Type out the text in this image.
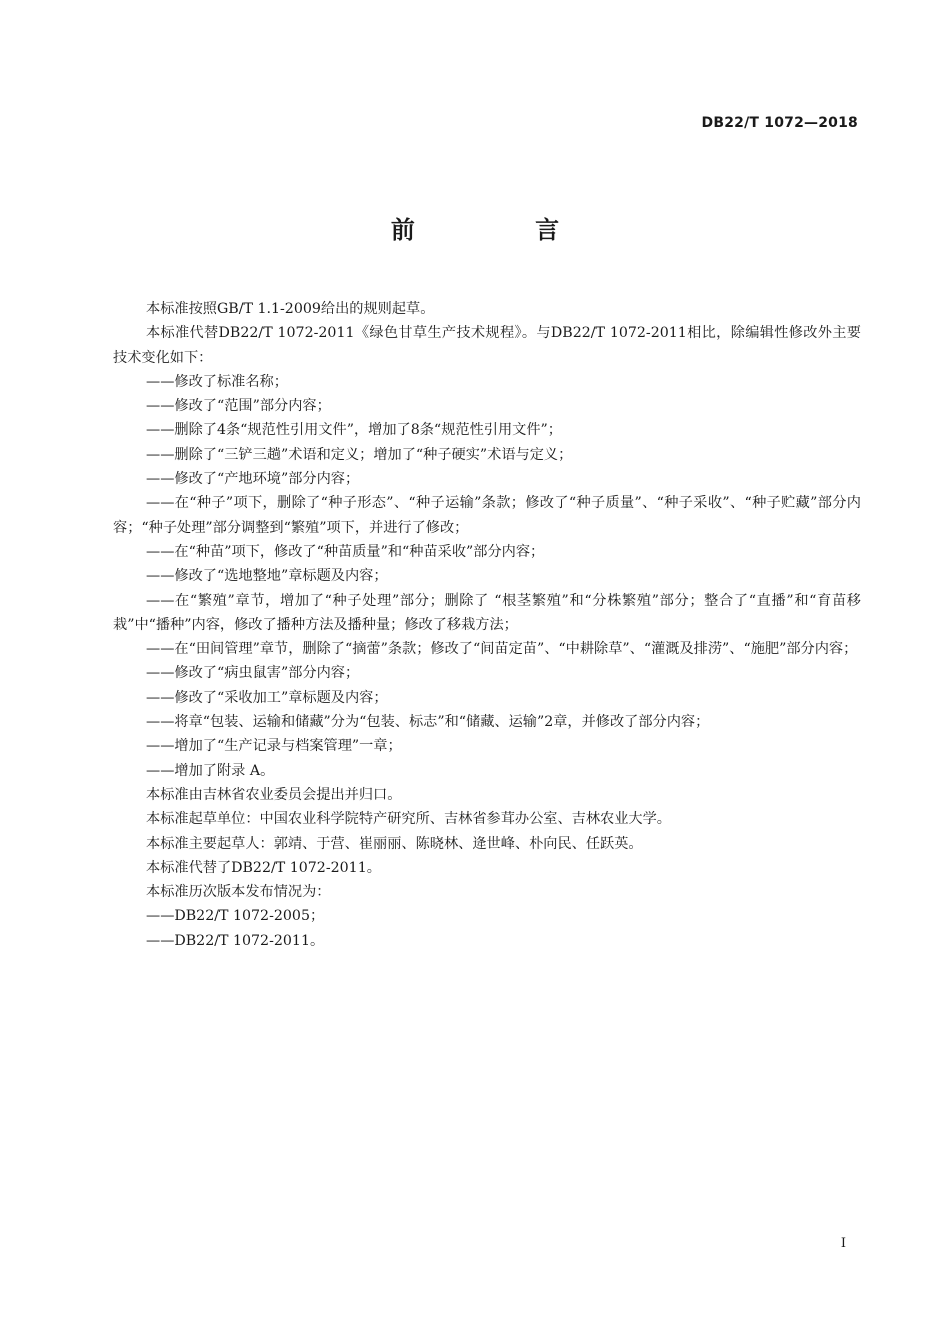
DB22/T 1072—2018
前 言

本标准按照GB/T 1.1-2009给出的规则起草。

本标准代替DB22/T 1072-2011《绿色甘草生产技术规程》。与DB22/T 1072-2011相比，除编辑性修改外主要技术变化如下：

——修改了标准名称；

——修改了“范围”部分内容；

——删除了4条“规范性引用文件”，增加了8条“规范性引用文件”；

——删除了“三铲三趟”术语和定义；增加了“种子硬实”术语与定义；

——修改了“产地环境”部分内容；

——在“种子”项下，删除了“种子形态”、“种子运输”条款；修改了“种子质量”、“种子采收”、“种子贮藏”部分内容；“种子处理”部分调整到“繁殖”项下，并进行了修改；

——在“种苗”项下，修改了“种苗质量”和“种苗采收”部分内容；

——修改了“选地整地”章标题及内容；

——在“繁殖”章节，增加了“种子处理”部分；删除了 “根茎繁殖”和“分株繁殖”部分；整合了“直播”和“育苗移栽”中“播种”内容，修改了播种方法及播种量；修改了移栽方法；

——在“田间管理”章节，删除了“摘蕾”条款；修改了“间苗定苗”、“中耕除草”、“灌溉及排涝”、“施肥”部分内容；

——修改了“病虫鼠害”部分内容；

——修改了“采收加工”章标题及内容；

——将章“包装、运输和储藏”分为“包装、标志”和“储藏、运输”2章，并修改了部分内容；

——增加了“生产记录与档案管理”一章；

——增加了附录 A。

本标准由吉林省农业委员会提出并归口。

本标准起草单位：中国农业科学院特产研究所、吉林省参茸办公室、吉林农业大学。

本标准主要起草人：郭靖、于营、崔丽丽、陈晓林、逄世峰、朴向民、任跃英。

本标准代替了DB22/T 1072-2011。

本标准历次版本发布情况为：

——DB22/T 1072-2005；

——DB22/T 1072-2011。

I
